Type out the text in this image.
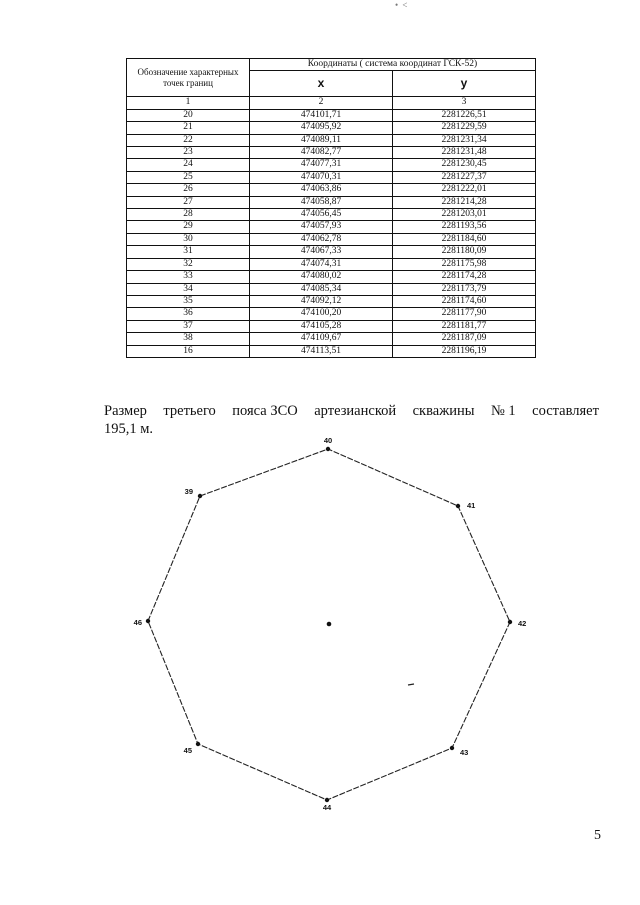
• <
Обозначение характерных точек границ	Координаты ( система координат ГСК-52)	
	x	y
1	2	3
20	474101,71	2281226,51
21	474095,92	2281229,59
22	474089,11	2281231,34
23	474082,77	2281231,48
24	474077,31	2281230,45
25	474070,31	2281227,37
26	474063,86	2281222,01
27	474058,87	2281214,28
28	474056,45	2281203,01
29	474057,93	2281193,56
30	474062,78	2281184,60
31	474067,33	2281180,09
32	474074,31	2281175,98
33	474080,02	2281174,28
34	474085,34	2281173,79
35	474092,12	2281174,60
36	474100,20	2281177,90
37	474105,28	2281181,77
38	474109,67	2281187,09
16	474113,51	2281196,19
Размер третьего пояса ЗСО артезианской скважины № 1 составляет
195,1 м.
39
40
41
42
43
44
45
46
5
